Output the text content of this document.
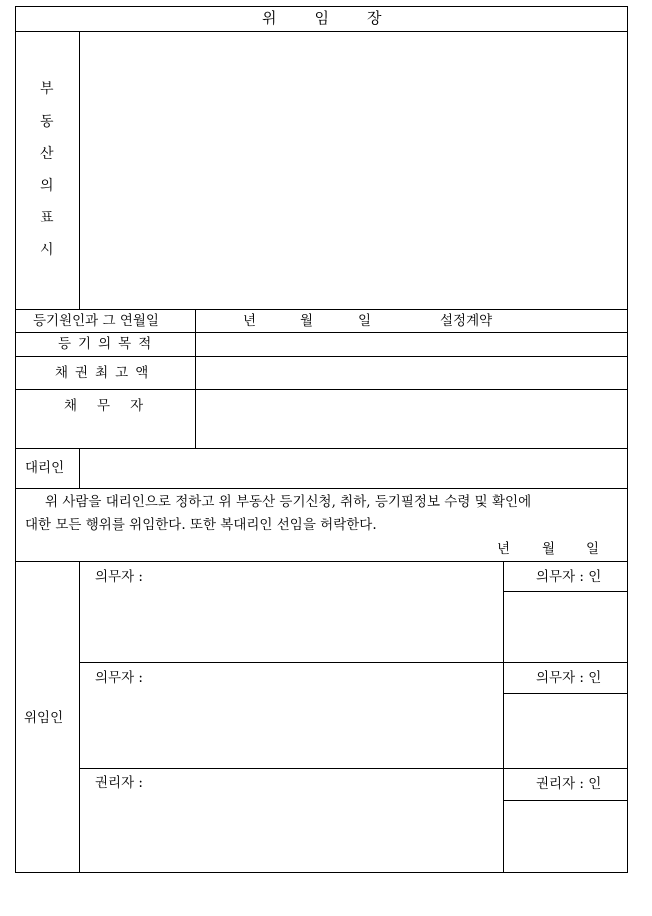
위	임	장
부
동
산
의
표
시
등기원인과 그 연월일	년	월	일	설정계약
등 기 의 목 적
채 권 최 고 액
채 무 자
대리인
위 사람을 대리인으로 정하고 위 부동산 등기신청, 취하, 등기필정보 수령 및 확인에
대한 모든 행위를 위임한다. 또한 복대리인 선임을 허락한다.
년 월 일
위임인
의무자 :	의무자 : 인
의무자 :	의무자 : 인
권리자 :	권리자 : 인
